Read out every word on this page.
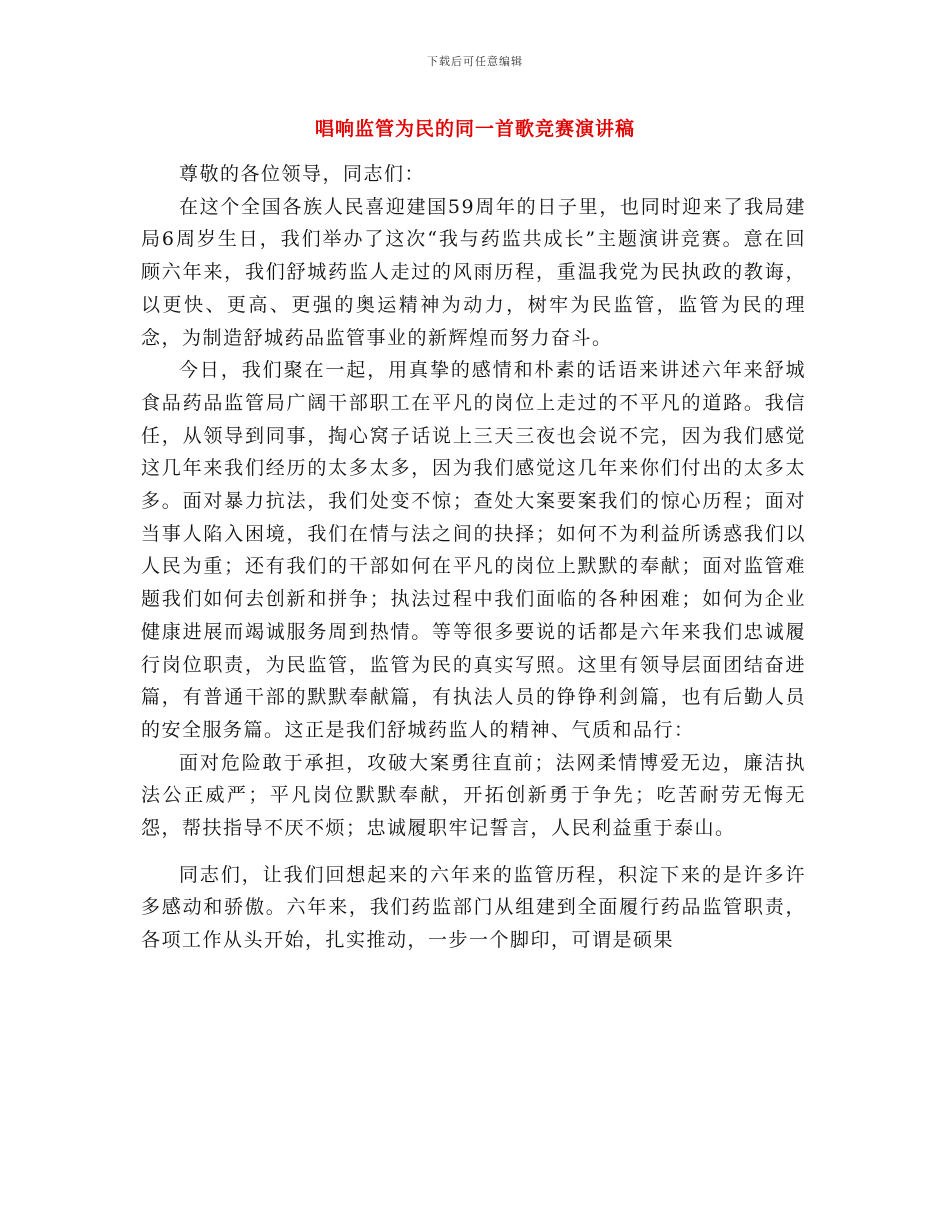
下载后可任意编辑
唱响监管为民的同一首歌竞赛演讲稿

尊敬的各位领导，同志们：

在这个全国各族人民喜迎建国59周年的日子里，也同时迎来了我局建局6周岁生日，我们举办了这次“我与药监共成长”主题演讲竞赛。意在回顾六年来，我们舒城药监人走过的风雨历程，重温我党为民执政的教诲，以更快、更高、更强的奥运精神为动力，树牢为民监管，监管为民的理念，为制造舒城药品监管事业的新辉煌而努力奋斗。

今日，我们聚在一起，用真挚的感情和朴素的话语来讲述六年来舒城食品药品监管局广阔干部职工在平凡的岗位上走过的不平凡的道路。我信任，从领导到同事，掏心窝子话说上三天三夜也会说不完，因为我们感觉这几年来我们经历的太多太多，因为我们感觉这几年来你们付出的太多太多。面对暴力抗法，我们处变不惊；查处大案要案我们的惊心历程；面对当事人陷入困境，我们在情与法之间的抉择；如何不为利益所诱惑我们以人民为重；还有我们的干部如何在平凡的岗位上默默的奉献；面对监管难题我们如何去创新和拼争；执法过程中我们面临的各种困难；如何为企业健康进展而竭诚服务周到热情。等等很多要说的话都是六年来我们忠诚履行岗位职责，为民监管，监管为民的真实写照。这里有领导层面团结奋进篇，有普通干部的默默奉献篇，有执法人员的铮铮利剑篇，也有后勤人员的安全服务篇。这正是我们舒城药监人的精神、气质和品行：

面对危险敢于承担，攻破大案勇往直前；法网柔情博爱无边，廉洁执法公正威严；平凡岗位默默奉献，开拓创新勇于争先；吃苦耐劳无悔无怨，帮扶指导不厌不烦；忠诚履职牢记誓言，人民利益重于泰山。

同志们，让我们回想起来的六年来的监管历程，积淀下来的是许多许多感动和骄傲。六年来，我们药监部门从组建到全面履行药品监管职责，各项工作从头开始，扎实推动，一步一个脚印，可谓是硕果
